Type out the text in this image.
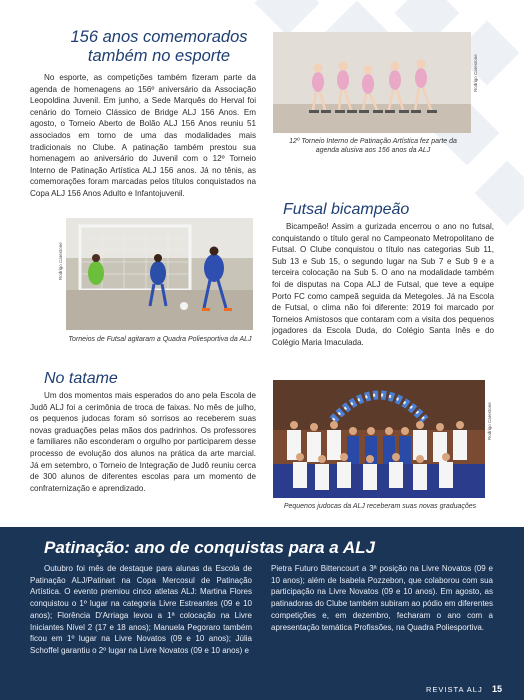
156 anos comemorados também no esporte

No esporte, as competições também fizeram parte da agenda de homenagens ao 156º aniversário da Associação Leopoldina Juvenil. Em junho, a Sede Marquês do Herval foi cenário do Torneio Clássico de Bridge ALJ 156 Anos. Em agosto, o Torneio Aberto de Bolão ALJ 156 Anos reuniu 51 associados em torno de uma das modalidades mais tradicionais no Clube. A patinação também prestou sua homenagem ao aniversário do Juvenil com o 12º Torneio Interno de Patinação Artística ALJ 156 anos. Já no tênis, as comemorações foram marcadas pelos títulos conquistados na Copa ALJ 156 Anos Adulto e Infantojuvenil.

Rodrigo Carestone
12º Torneio Interno de Patinação Artística fez parte da agenda alusiva aos 156 anos da ALJ
Rodrigo Carestone
Torneios de Futsal agitaram a Quadra Poliesportiva da ALJ
Futsal bicampeão

Bicampeão! Assim a gurizada encerrou o ano no futsal, conquistando o título geral no Campeonato Metropolitano de Futsal. O Clube conquistou o título nas categorias Sub 11, Sub 13 e Sub 15, o segundo lugar na Sub 7 e Sub 9 e a terceira colocação na Sub 5. O ano na modalidade também foi de disputas na Copa ALJ de Futsal, que teve a equipe Porto FC como campeã seguida da Metegoles. Já na Escola de Futsal, o clima não foi diferente: 2019 foi marcado por Torneios Amistosos que contaram com a visita dos pequenos jogadores da Escola Duda, do Colégio Santa Inês e do Colégio Maria Imaculada.

No tatame

Um dos momentos mais esperados do ano pela Escola de Judô ALJ foi a cerimônia de troca de faixas. No mês de julho, os pequenos judocas foram só sorrisos ao receberem suas novas graduações pelas mãos dos padrinhos. Os professores e familiares não esconderam o orgulho por participarem desse processo de evolução dos alunos na prática da arte marcial. Já em setembro, o Torneio de Integração de Judô reuniu cerca de 300 alunos de diferentes escolas para um momento de confraternização e aprendizado.

Rodrigo Carestone
Pequenos judocas da ALJ receberam suas novas graduações
Patinação: ano de conquistas para a ALJ

Outubro foi mês de destaque para alunas da Escola de Patinação ALJ/Patinart na Copa Mercosul de Patinação Artística. O evento premiou cinco atletas ALJ: Martina Flores conquistou o 1º lugar na categoria Livre Estreantes (09 e 10 anos); Florência D'Arriaga levou a 1ª colocação na Livre Iniciantes Nível 2 (17 e 18 anos); Manuela Pegoraro também ficou em 1º lugar na Livre Novatos (09 e 10 anos); Júlia Schoffel garantiu o 2º lugar na Livre Novatos (09 e 10 anos) e

Pietra Futuro Bittencourt a 3ª posição na Livre Novatos (09 e 10 anos); além de Isabela Pozzebon, que colaborou com sua participação na Livre Novatos (09 e 10 anos). Em agosto, as patinadoras do Clube também subiram ao pódio em diferentes competições e, em dezembro, fecharam o ano com a apresentação temática Profissões, na Quadra Poliesportiva.

REVISTA ALJ 15
